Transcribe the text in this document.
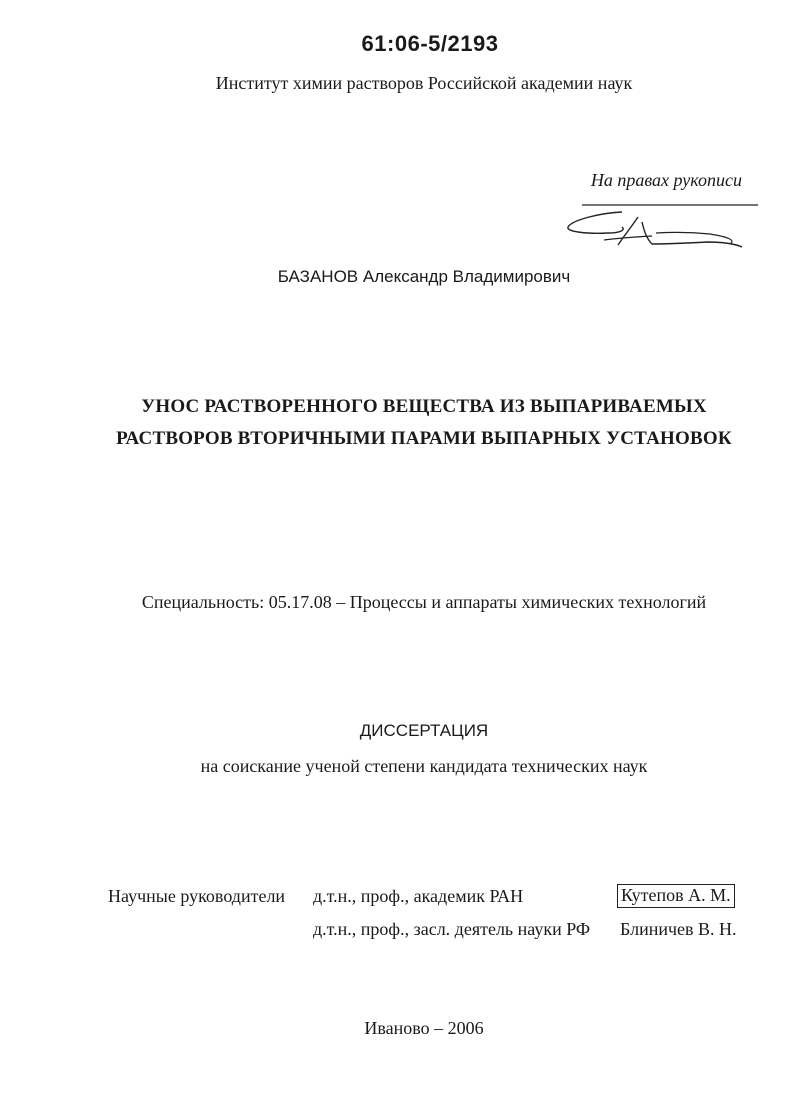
61:06-5/2193
Институт химии растворов Российской академии наук
На правах рукописи
БАЗАНОВ Александр Владимирович
УНОС РАСТВОРЕННОГО ВЕЩЕСТВА ИЗ ВЫПАРИВАЕМЫХ
РАСТВОРОВ ВТОРИЧНЫМИ ПАРАМИ ВЫПАРНЫХ УСТАНОВОК
Специальность: 05.17.08 – Процессы и аппараты химических технологий
ДИССЕРТАЦИЯ
на соискание ученой степени кандидата технических наук
Научные руководители д.т.н., проф., академик РАН	Кутепов А. М.
д.т.н., проф., засл. деятель науки РФ Блиничев В. Н.
Иваново – 2006
